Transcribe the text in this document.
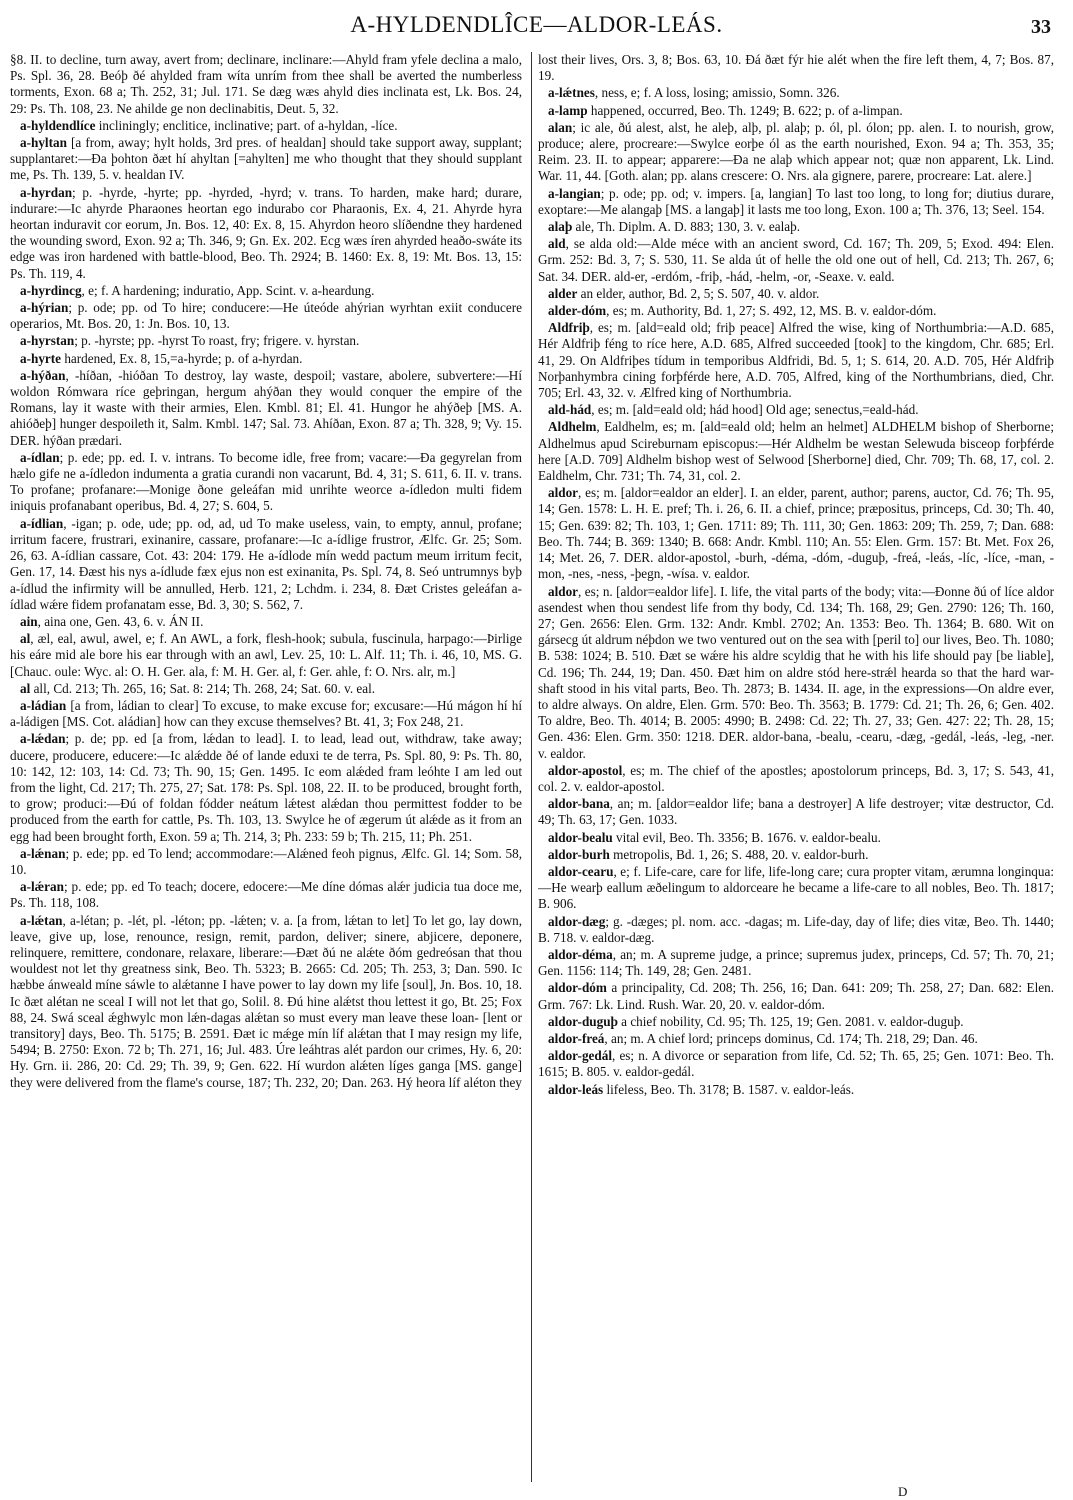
A-HYLDENDLÎCE—ALDOR-LEÁS.	33

§8. II. to decline, turn away, avert from; declinare, inclinare:—Ahyld fram yfele declina a malo, Ps. Spl. 36, 28. Beóþ ðé ahylded fram wíta unrím from thee shall be averted the numberless torments, Exon. 68 a; Th. 252, 31; Jul. 171. Se dæg wæs ahyld dies inclinata est, Lk. Bos. 24, 29: Ps. Th. 108, 23. Ne ahilde ge non declinabitis, Deut. 5, 32.

a-hyldendlíce incliningly; enclitice, inclinative; part. of a-hyldan, -líce.

a-hyltan [a from, away; hylt holds, 3rd pres. of healdan] should take support away, supplant; supplantaret:—Ða þohton ðæt hí ahyltan [=ahylten] me who thought that they should supplant me, Ps. Th. 139, 5. v. healdan IV.

a-hyrdan; p. -hyrde, -hyrte; pp. -hyrded, -hyrd; v. trans. To harden, make hard; durare, indurare:—Ic ahyrde Pharaones heortan ego indurabo cor Pharaonis, Ex. 4, 21. Ahyrde hyra heortan induravit cor eorum, Jn. Bos. 12, 40: Ex. 8, 15. Ahyrdon heoro slíðendne they hardened the wounding sword, Exon. 92 a; Th. 346, 9; Gn. Ex. 202. Ecg wæs íren ahyrded heaðo-swáte its edge was iron hardened with battle-blood, Beo. Th. 2924; B. 1460: Ex. 8, 19: Mt. Bos. 13, 15: Ps. Th. 119, 4.

a-hyrdincg, e; f. A hardening; induratio, App. Scint. v. a-heardung.

a-hýrian; p. ode; pp. od To hire; conducere:—He úteóde ahýrian wyrhtan exiit conducere operarios, Mt. Bos. 20, 1: Jn. Bos. 10, 13.

a-hyrstan; p. -hyrste; pp. -hyrst To roast, fry; frigere. v. hyrstan.

a-hyrte hardened, Ex. 8, 15,=a-hyrde; p. of a-hyrdan.

a-hýðan, -híðan, -hióðan To destroy, lay waste, despoil; vastare, abolere, subvertere:—Hí woldon Rómwara ríce geþringan, hergum ahýðan they would conquer the empire of the Romans, lay it waste with their armies, Elen. Kmbl. 81; El. 41. Hungor he ahýðeþ [MS. A. ahióðeþ] hunger despoileth it, Salm. Kmbl. 147; Sal. 73. Ahíðan, Exon. 87 a; Th. 328, 9; Vy. 15. DER. hýðan prædari.

a-ídlan; p. ede; pp. ed. I. v. intrans. To become idle, free from; vacare:—Ða gegyrelan from hælo gife ne a-ídledon indumenta a gratia curandi non vacarunt, Bd. 4, 31; S. 611, 6. II. v. trans. To profane; profanare:—Monige ðone geleáfan mid unrihte weorce a-ídledon multi fidem iniquis profanabant operibus, Bd. 4, 27; S. 604, 5.

a-ídlian, -igan; p. ode, ude; pp. od, ad, ud To make useless, vain, to empty, annul, profane; irritum facere, frustrari, exinanire, cassare, profanare:—Ic a-ídlige frustror, Ælfc. Gr. 25; Som. 26, 63. A-ídlian cassare, Cot. 43: 204: 179. He a-ídlode mín wedd pactum meum irritum fecit, Gen. 17, 14. Ðæst his nys a-ídlude fæx ejus non est exinanita, Ps. Spl. 74, 8. Seó untrumnys byþ a-ídlud the infirmity will be annulled, Herb. 121, 2; Lchdm. i. 234, 8. Ðæt Cristes geleáfan a-ídlad wǽre fidem profanatam esse, Bd. 3, 30; S. 562, 7.

ain, aina one, Gen. 43, 6. v. ÁN II.

al, æl, eal, awul, awel, e; f. An AWL, a fork, flesh-hook; subula, fuscinula, harpago:—Þirlige his eáre mid ale bore his ear through with an awl, Lev. 25, 10: L. Alf. 11; Th. i. 46, 10, MS. G. [Chauc. oule: Wyc. al: O. H. Ger. ala, f: M. H. Ger. al, f: Ger. ahle, f: O. Nrs. alr, m.]

al all, Cd. 213; Th. 265, 16; Sat. 8: 214; Th. 268, 24; Sat. 60. v. eal.

a-ládian [a from, ládian to clear] To excuse, to make excuse for; excusare:—Hú mágon hí hí a-ládigen [MS. Cot. aládian] how can they excuse themselves? Bt. 41, 3; Fox 248, 21.

a-lǽdan; p. de; pp. ed [a from, lǽdan to lead]. I. to lead, lead out, withdraw, take away; ducere, producere, educere:—Ic alǽdde ðé of lande eduxi te de terra, Ps. Spl. 80, 9: Ps. Th. 80, 10: 142, 12: 103, 14: Cd. 73; Th. 90, 15; Gen. 1495. Ic eom alǽded fram leóhte I am led out from the light, Cd. 217; Th. 275, 27; Sat. 178: Ps. Spl. 108, 22. II. to be produced, brought forth, to grow; produci:—Ðú of foldan fódder neátum lǽtest alǽdan thou permittest fodder to be produced from the earth for cattle, Ps. Th. 103, 13. Swylce he of ægerum út alǽde as it from an egg had been brought forth, Exon. 59 a; Th. 214, 3; Ph. 233: 59 b; Th. 215, 11; Ph. 251.

a-lǽnan; p. ede; pp. ed To lend; accommodare:—Alǽned feoh pignus, Ælfc. Gl. 14; Som. 58, 10.

a-lǽran; p. ede; pp. ed To teach; docere, edocere:—Me díne dómas alǽr judicia tua doce me, Ps. Th. 118, 108.

a-lǽtan, a-létan; p. -lét, pl. -léton; pp. -lǽten; v. a. [a from, lǽtan to let] To let go, lay down, leave, give up, lose, renounce, resign, remit, pardon, deliver; sinere, abjicere, deponere, relinquere, remittere, condonare, relaxare, liberare:—Ðæt ðú ne alǽte ðóm gedreósan that thou wouldest not let thy greatness sink, Beo. Th. 5323; B. 2665: Cd. 205; Th. 253, 3; Dan. 590. Ic hæbbe ánweald míne sáwle to alǽtanne I have power to lay down my life [soul], Jn. Bos. 10, 18. Ic ðæt alétan ne sceal I will not let that go, Solil. 8. Ðú hine alǽtst thou lettest it go, Bt. 25; Fox 88, 24. Swá sceal ǽghwylc mon lǽn-dagas alǽtan so must every man leave these loan- [lent or transitory] days, Beo. Th. 5175; B. 2591. Ðæt ic mǽge mín líf alǽtan that I may resign my life, 5494; B. 2750: Exon. 72 b; Th. 271, 16; Jul. 483. Úre leáhtras alét pardon our crimes, Hy. 6, 20: Hy. Grn. ii. 286, 20: Cd. 29; Th. 39, 9; Gen. 622. Hí wurdon alǽten líges ganga [MS. gange] they were delivered from the flame's course, 187; Th. 232, 20; Dan. 263. Hý heora líf aléton they

lost their lives, Ors. 3, 8; Bos. 63, 10. Ðá ðæt fýr hie alét when the fire left them, 4, 7; Bos. 87, 19.

a-lǽtnes, ness, e; f. A loss, losing; amissio, Somn. 326.

a-lamp happened, occurred, Beo. Th. 1249; B. 622; p. of a-limpan.

alan; ic ale, ðú alest, alst, he aleþ, alþ, pl. alaþ; p. ól, pl. ólon; pp. alen. I. to nourish, grow, produce; alere, procreare:—Swylce eorþe ól as the earth nourished, Exon. 94 a; Th. 353, 35; Reim. 23. II. to appear; apparere:—Ða ne alaþ which appear not; quæ non apparent, Lk. Lind. War. 11, 44. [Goth. alan; pp. alans crescere: O. Nrs. ala gignere, parere, procreare: Lat. alere.]

a-langian; p. ode; pp. od; v. impers. [a, langian] To last too long, to long for; diutius durare, exoptare:—Me alangaþ [MS. a langaþ] it lasts me too long, Exon. 100 a; Th. 376, 13; Seel. 154.

alaþ ale, Th. Diplm. A. D. 883; 130, 3. v. ealaþ.

ald, se alda old:—Alde méce with an ancient sword, Cd. 167; Th. 209, 5; Exod. 494: Elen. Grm. 252: Bd. 3, 7; S. 530, 11. Se alda út of helle the old one out of hell, Cd. 213; Th. 267, 6; Sat. 34. DER. ald-er, -erdóm, -friþ, -hád, -helm, -or, -Seaxe. v. eald.

alder an elder, author, Bd. 2, 5; S. 507, 40. v. aldor.

alder-dóm, es; m. Authority, Bd. 1, 27; S. 492, 12, MS. B. v. ealdor-dóm.

Aldfriþ, es; m. [ald=eald old; friþ peace] Alfred the wise, king of Northumbria:—A.D. 685, Hér Aldfriþ féng to ríce here, A.D. 685, Alfred succeeded [took] to the kingdom, Chr. 685; Erl. 41, 29. On Aldfriþes tídum in temporibus Aldfridi, Bd. 5, 1; S. 614, 20. A.D. 705, Hér Aldfriþ Norþanhymbra cining forþférde here, A.D. 705, Alfred, king of the Northumbrians, died, Chr. 705; Erl. 43, 32. v. Ælfred king of Northumbria.

ald-hád, es; m. [ald=eald old; hád hood] Old age; senectus,=eald-hád.

Aldhelm, Ealdhelm, es; m. [ald=eald old; helm an helmet] ALDHELM bishop of Sherborne; Aldhelmus apud Scireburnam episcopus:—Hér Aldhelm be westan Selewuda bisceop forþférde here [A.D. 709] Aldhelm bishop west of Selwood [Sherborne] died, Chr. 709; Th. 68, 17, col. 2. Ealdhelm, Chr. 731; Th. 74, 31, col. 2.

aldor, es; m. [aldor=ealdor an elder]. I. an elder, parent, author; parens, auctor, Cd. 76; Th. 95, 14; Gen. 1578: L. H. E. pref; Th. i. 26, 6. II. a chief, prince; præpositus, princeps, Cd. 30; Th. 40, 15; Gen. 639: 82; Th. 103, 1; Gen. 1711: 89; Th. 111, 30; Gen. 1863: 209; Th. 259, 7; Dan. 688: Beo. Th. 744; B. 369: 1340; B. 668: Andr. Kmbl. 110; An. 55: Elen. Grm. 157: Bt. Met. Fox 26, 14; Met. 26, 7. DER. aldor-apostol, -burh, -déma, -dóm, -duguþ, -freá, -leás, -líc, -líce, -man, -mon, -nes, -ness, -þegn, -wísa. v. ealdor.

aldor, es; n. [aldor=ealdor life]. I. life, the vital parts of the body; vita:—Ðonne ðú of líce aldor asendest when thou sendest life from thy body, Cd. 134; Th. 168, 29; Gen. 2790: 126; Th. 160, 27; Gen. 2656: Elen. Grm. 132: Andr. Kmbl. 2702; An. 1353: Beo. Th. 1364; B. 680. Wit on gársecg út aldrum néþdon we two ventured out on the sea with [peril to] our lives, Beo. Th. 1080; B. 538: 1024; B. 510. Ðæt se wǽre his aldre scyldig that he with his life should pay [be liable], Cd. 196; Th. 244, 19; Dan. 450. Ðæt him on aldre stód here-strǽl hearda so that the hard war-shaft stood in his vital parts, Beo. Th. 2873; B. 1434. II. age, in the expressions—On aldre ever, to aldre always. On aldre, Elen. Grm. 570: Beo. Th. 3563; B. 1779: Cd. 21; Th. 26, 6; Gen. 402. To aldre, Beo. Th. 4014; B. 2005: 4990; B. 2498: Cd. 22; Th. 27, 33; Gen. 427: 22; Th. 28, 15; Gen. 436: Elen. Grm. 350: 1218. DER. aldor-bana, -bealu, -cearu, -dæg, -gedál, -leás, -leg, -ner. v. ealdor.

aldor-apostol, es; m. The chief of the apostles; apostolorum princeps, Bd. 3, 17; S. 543, 41, col. 2. v. ealdor-apostol.

aldor-bana, an; m. [aldor=ealdor life; bana a destroyer] A life destroyer; vitæ destructor, Cd. 49; Th. 63, 17; Gen. 1033.

aldor-bealu vital evil, Beo. Th. 3356; B. 1676. v. ealdor-bealu.

aldor-burh metropolis, Bd. 1, 26; S. 488, 20. v. ealdor-burh.

aldor-cearu, e; f. Life-care, care for life, life-long care; cura propter vitam, ærumna longinqua:—He wearþ eallum æðelingum to aldorcearе he became a life-care to all nobles, Beo. Th. 1817; B. 906.

aldor-dæg; g. -dæges; pl. nom. acc. -dagas; m. Life-day, day of life; dies vitæ, Beo. Th. 1440; B. 718. v. ealdor-dæg.

aldor-déma, an; m. A supreme judge, a prince; supremus judex, princeps, Cd. 57; Th. 70, 21; Gen. 1156: 114; Th. 149, 28; Gen. 2481.

aldor-dóm a principality, Cd. 208; Th. 256, 16; Dan. 641: 209; Th. 258, 27; Dan. 682: Elen. Grm. 767: Lk. Lind. Rush. War. 20, 20. v. ealdor-dóm.

aldor-duguþ a chief nobility, Cd. 95; Th. 125, 19; Gen. 2081. v. ealdor-duguþ.

aldor-freá, an; m. A chief lord; princeps dominus, Cd. 174; Th. 218, 29; Dan. 46.

aldor-gedál, es; n. A divorce or separation from life, Cd. 52; Th. 65, 25; Gen. 1071: Beo. Th. 1615; B. 805. v. ealdor-gedál.

aldor-leás lifeless, Beo. Th. 3178; B. 1587. v. ealdor-leás.

D
